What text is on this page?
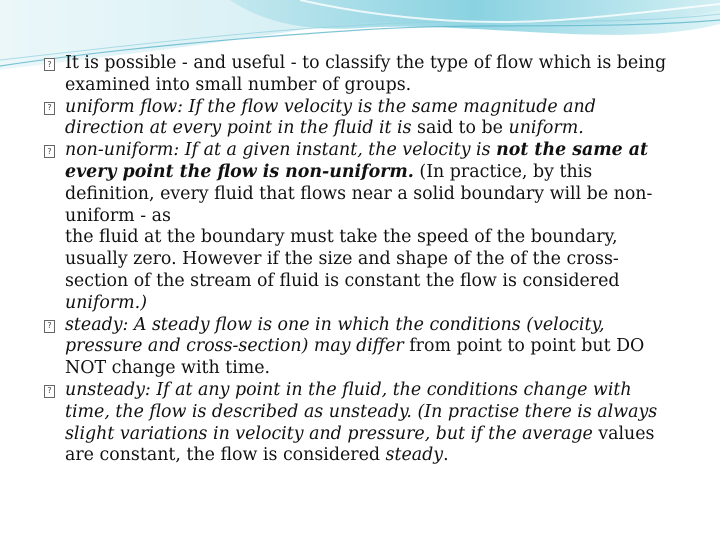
?
It is possible - and useful - to classify the type of flow which is being examined into small number of groups.
?
uniform flow: If the flow velocity is the same magnitude and direction at every point in the fluid it is said to be uniform.
?
non-uniform: If at a given instant, the velocity is not the same at every point the flow is non-uniform. (In practice, by this definition, every fluid that flows near a solid boundary will be non-uniform - as

the fluid at the boundary must take the speed of the boundary, usually zero. However if the size and shape of the of the cross-section of the stream of fluid is constant the flow is considered uniform.)

?
steady: A steady flow is one in which the conditions (velocity, pressure and cross-section) may differ from point to point but DO NOT change with time.
?
unsteady: If at any point in the fluid, the conditions change with time, the flow is described as unsteady. (In practise there is always slight variations in velocity and pressure, but if the average values are constant, the flow is considered steady.
